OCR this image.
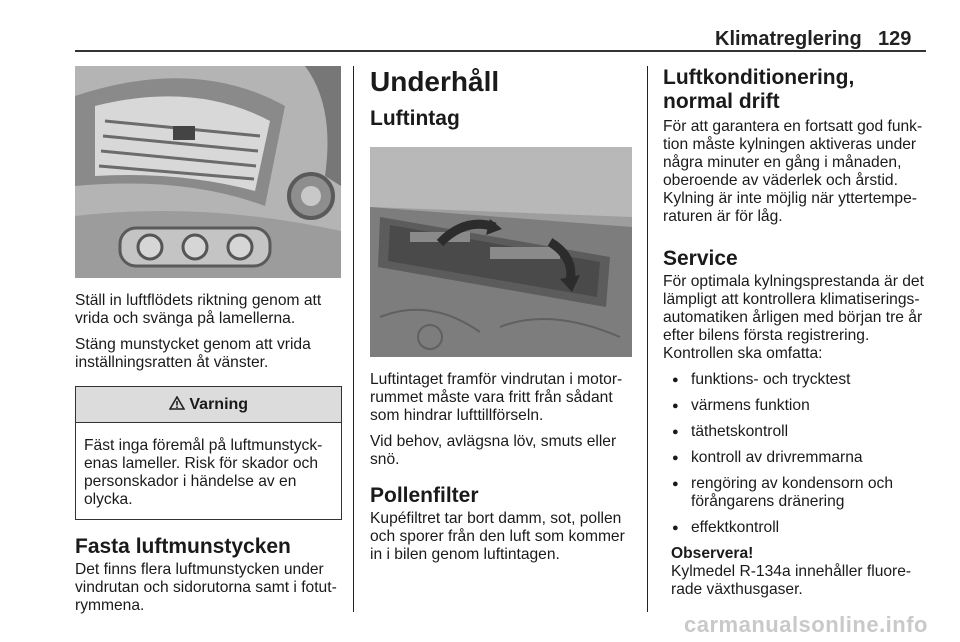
Klimatreglering 129

Ställ in luftflödets riktning genom att vrida och svänga på lamellerna.

Stäng munstycket genom att vrida inställningsratten åt vänster.

Varning

Fäst inga föremål på luftmunstyckenas lameller. Risk för skador och personskador i händelse av en olycka.

Fasta luftmunstycken

Det finns flera luftmunstycken under vindrutan och sidorutorna samt i fotutrymmena.

Underhåll
Luftintag

Luftintaget framför vindrutan i motorrummet måste vara fritt från sådant som hindrar lufttillförseln.

Vid behov, avlägsna löv, smuts eller snö.

Pollenfilter

Kupéfiltret tar bort damm, sot, pollen och sporer från den luft som kommer in i bilen genom luftintagen.

Luftkonditionering, normal drift

För att garantera en fortsatt god funktion måste kylningen aktiveras under några minuter en gång i månaden, oberoende av väderlek och årstid. Kylning är inte möjlig när yttertemperaturen är för låg.

Service

För optimala kylningsprestanda är det lämpligt att kontrollera klimatiseringsautomatiken årligen med början tre år efter bilens första registrering. Kontrollen ska omfatta:

● funktions- och trycktest
● värmens funktion
● täthetskontroll
● kontroll av drivremmarna
● rengöring av kondensorn och förångarens dränering
● effektkontroll

Observera!

Kylmedel R-134a innehåller fluorerade växthusgaser.

carmanualsonline.info
